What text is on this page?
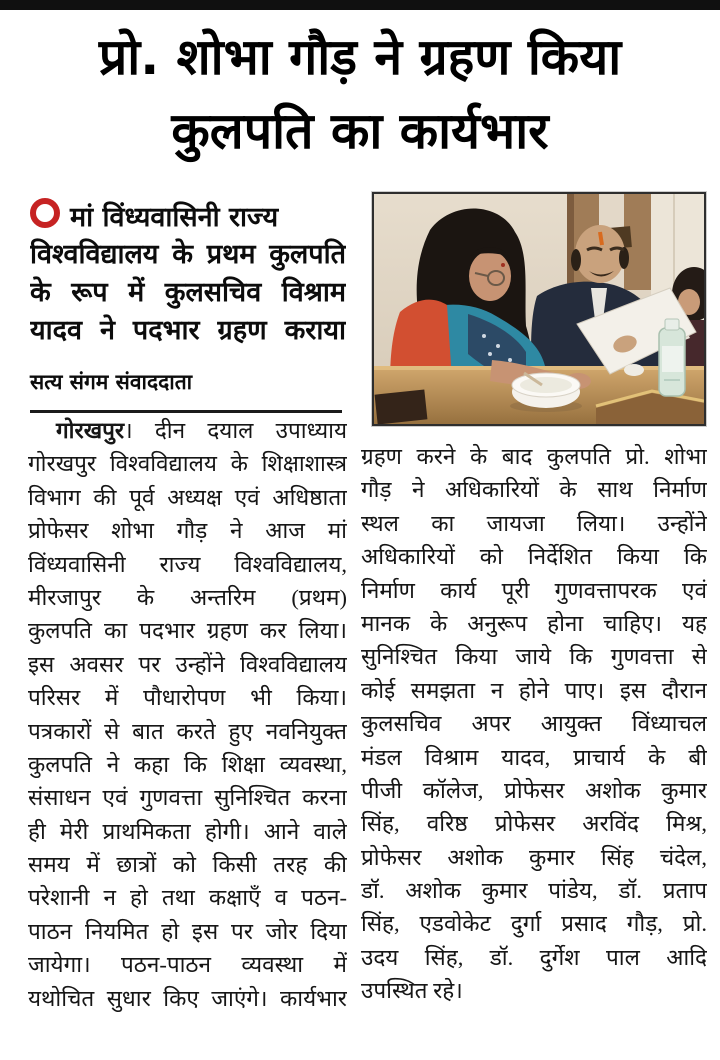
प्रो. शोभा गौड़ ने ग्रहण किया
कुलपति का कार्यभार
मां विंध्यवासिनी राज्य
विश्वविद्यालय के प्रथम कुलपति
के रूप में कुलसचिव विश्राम
यादव ने पदभार ग्रहण कराया
सत्य संगम संवाददाता
गोरखपुर। दीन दयाल उपाध्याय
गोरखपुर विश्वविद्यालय के शिक्षाशास्त्र
विभाग की पूर्व अध्यक्ष एवं अधिष्ठाता
प्रोफेसर शोभा गौड़ ने आज मां
विंध्यवासिनी राज्य विश्वविद्यालय,
मीरजापुर के अन्तरिम (प्रथम)
कुलपति का पदभार ग्रहण कर लिया।
इस अवसर पर उन्होंने विश्वविद्यालय
परिसर में पौधारोपण भी किया।
पत्रकारों से बात करते हुए नवनियुक्त
कुलपति ने कहा कि शिक्षा व्यवस्था,
संसाधन एवं गुणवत्ता सुनिश्चित करना
ही मेरी प्राथमिकता होगी। आने वाले
समय में छात्रों को किसी तरह की
परेशानी न हो तथा कक्षाएँ व पठन-
पाठन नियमित हो इस पर जोर दिया
जायेगा। पठन-पाठन व्यवस्था में
यथोचित सुधार किए जाएंगे। कार्यभार
ग्रहण करने के बाद कुलपति प्रो. शोभा
गौड़ ने अधिकारियों के साथ निर्माण
स्थल का जायजा लिया। उन्होंने
अधिकारियों को निर्देशित किया कि
निर्माण कार्य पूरी गुणवत्तापरक एवं
मानक के अनुरूप होना चाहिए। यह
सुनिश्चित किया जाये कि गुणवत्ता से
कोई समझता न होने पाए। इस दौरान
कुलसचिव अपर आयुक्त विंध्याचल
मंडल विश्राम यादव, प्राचार्य के बी
पीजी कॉलेज, प्रोफेसर अशोक कुमार
सिंह, वरिष्ठ प्रोफेसर अरविंद मिश्र,
प्रोफेसर अशोक कुमार सिंह चंदेल,
डॉ. अशोक कुमार पांडेय, डॉ. प्रताप
सिंह, एडवोकेट दुर्गा प्रसाद गौड़, प्रो.
उदय सिंह, डॉ. दुर्गेश पाल आदि
उपस्थित रहे।
